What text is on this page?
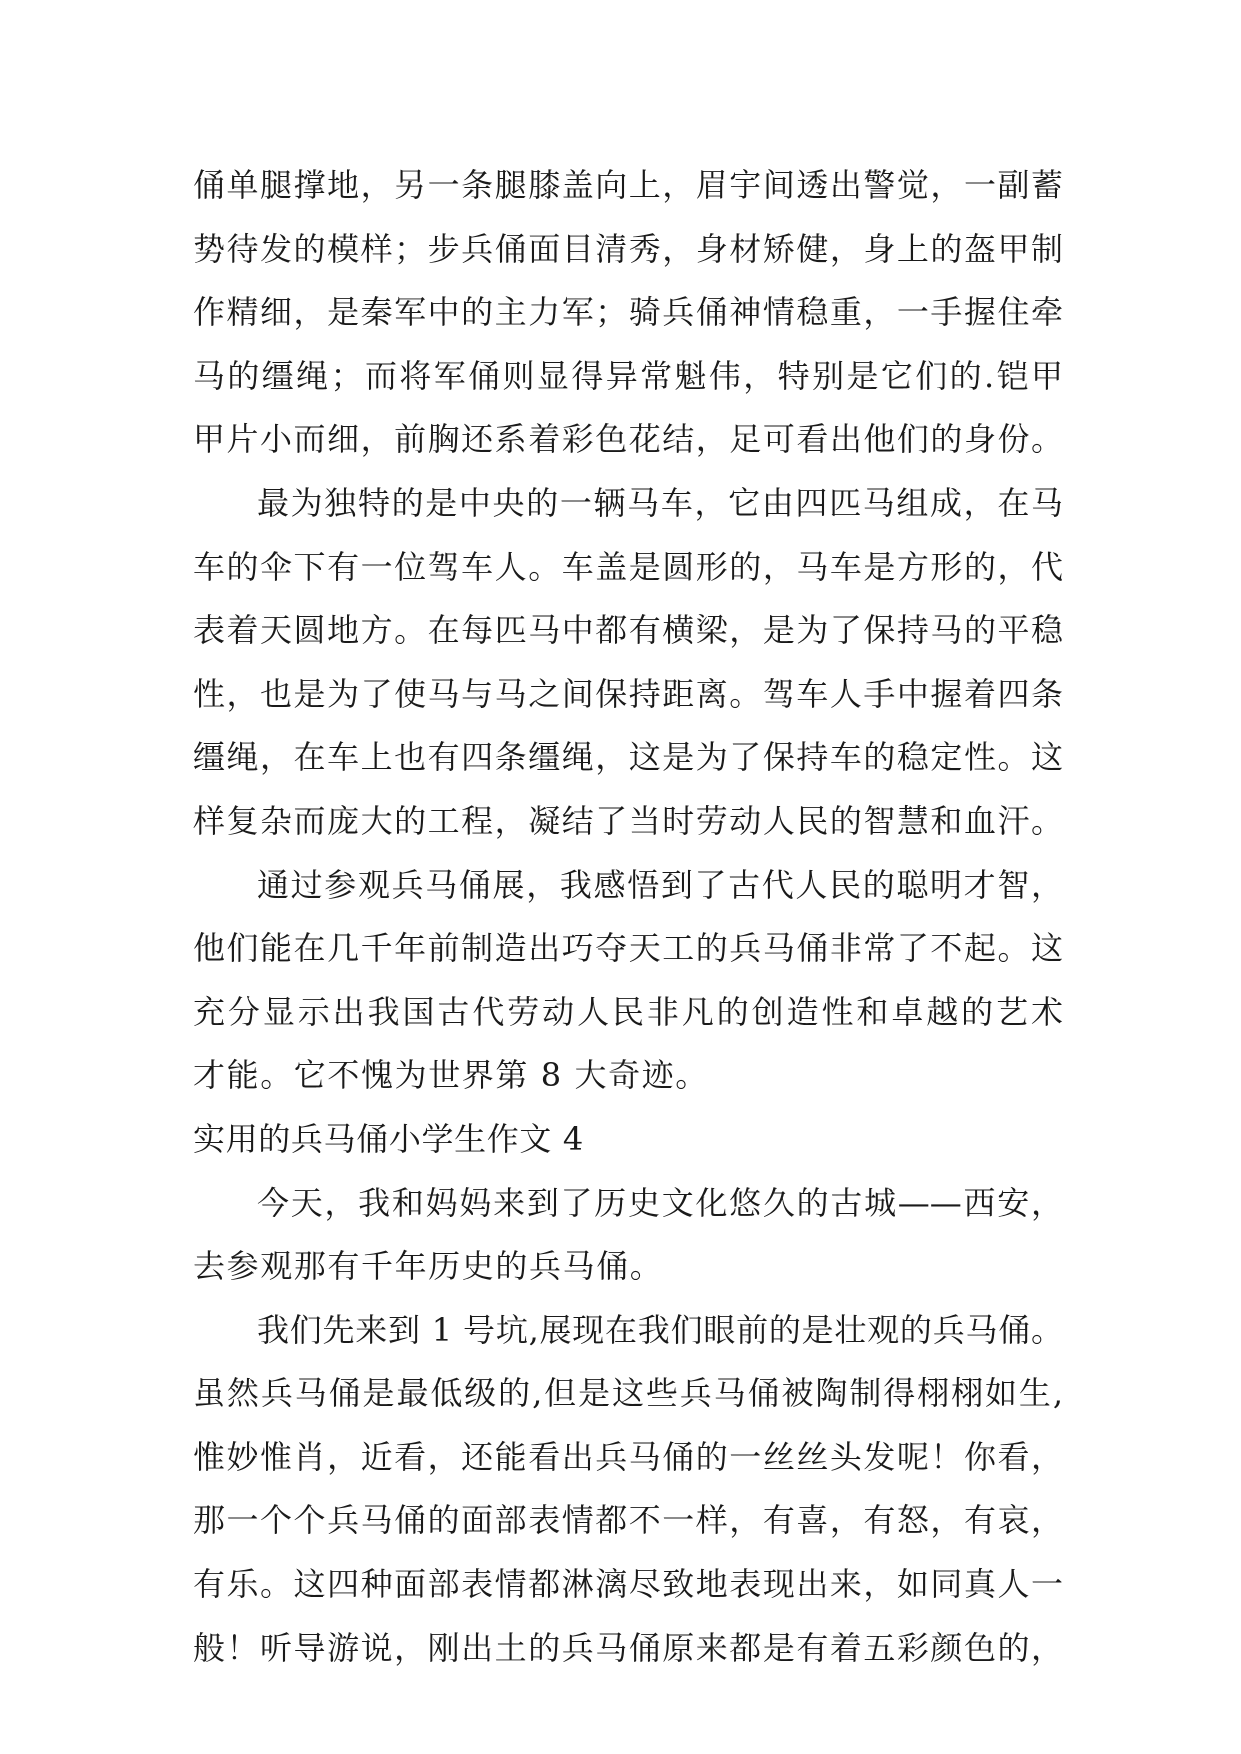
俑单腿撑地，另一条腿膝盖向上，眉宇间透出警觉，一副蓄
势待发的模样；步兵俑面目清秀，身材矫健，身上的盔甲制
作精细，是秦军中的主力军；骑兵俑神情稳重，一手握住牵
马的缰绳；而将军俑则显得异常魁伟，特别是它们的.铠甲
甲片小而细，前胸还系着彩色花结，足可看出他们的身份。
最为独特的是中央的一辆马车，它由四匹马组成，在马
车的伞下有一位驾车人。车盖是圆形的，马车是方形的，代
表着天圆地方。在每匹马中都有横梁，是为了保持马的平稳
性，也是为了使马与马之间保持距离。驾车人手中握着四条
缰绳，在车上也有四条缰绳，这是为了保持车的稳定性。这
样复杂而庞大的工程，凝结了当时劳动人民的智慧和血汗。
通过参观兵马俑展，我感悟到了古代人民的聪明才智，
他们能在几千年前制造出巧夺天工的兵马俑非常了不起。这
充分显示出我国古代劳动人民非凡的创造性和卓越的艺术
才能。它不愧为世界第 8 大奇迹。
实用的兵马俑小学生作文 4
今天，我和妈妈来到了历史文化悠久的古城——西安，
去参观那有千年历史的兵马俑。
我们先来到 1 号坑,展现在我们眼前的是壮观的兵马俑。
虽然兵马俑是最低级的,但是这些兵马俑被陶制得栩栩如生,
惟妙惟肖，近看，还能看出兵马俑的一丝丝头发呢！你看，
那一个个兵马俑的面部表情都不一样，有喜，有怒，有哀，
有乐。这四种面部表情都淋漓尽致地表现出来，如同真人一
般！听导游说，刚出土的兵马俑原来都是有着五彩颜色的，
